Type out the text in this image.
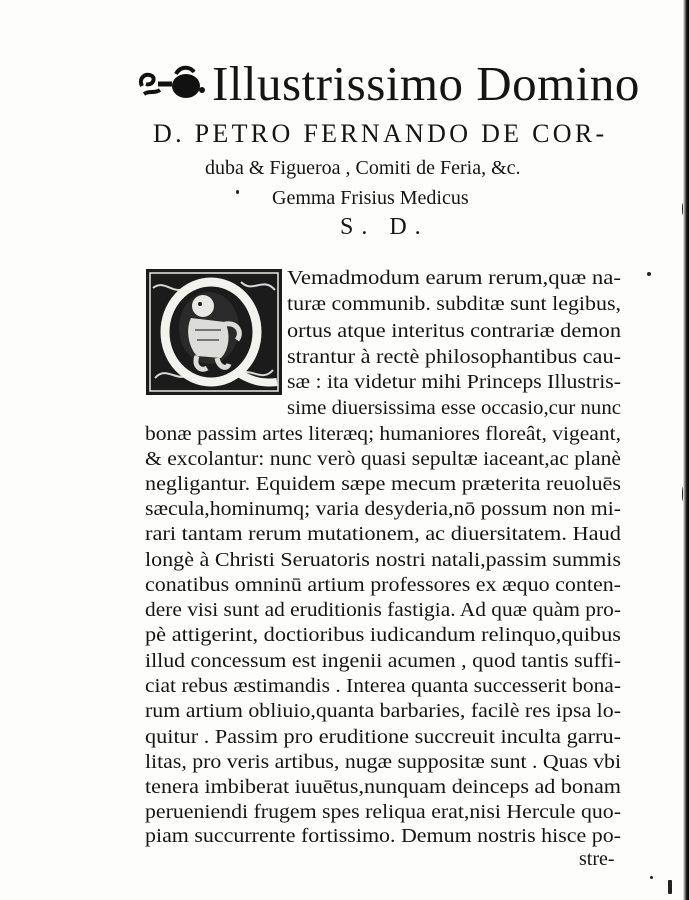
Illustrissimo Domino
D. PETRO FERNANDO DE COR-
duba & Figueroa , Comiti de Feria, &c.
Gemma Frisius Medicus
S. D.
Vemadmodum earum rerum,quæ na-
turæ communib. subditæ sunt legibus,
ortus atque interitus contrariæ demon
strantur à rectè philosophantibus cau-
sæ : ita videtur mihi Princeps Illustris-
sime diuersissima esse occasio,cur nunc
bonæ passim artes literæq; humaniores floreât, vigeant,
& excolantur: nunc verò quasi sepultæ iaceant,ac planè
negligantur. Equidem sæpe mecum præterita reuoluēs
sæcula,hominumq; varia desyderia,nō possum non mi-
rari tantam rerum mutationem, ac diuersitatem. Haud
longè à Christi Seruatoris nostri natali,passim summis
conatibus omninū artium professores ex æquo conten-
dere visi sunt ad eruditionis fastigia. Ad quæ quàm pro-
pè attigerint, doctioribus iudicandum relinquo,quibus
illud concessum est ingenii acumen , quod tantis suffi-
ciat rebus æstimandis . Interea quanta successerit bona-
rum artium obliuio,quanta barbaries, facilè res ipsa lo-
quitur . Passim pro eruditione succreuit inculta garru-
litas, pro veris artibus, nugæ suppositæ sunt . Quas vbi
tenera imbiberat iuuētus,nunquam deinceps ad bonam
perueniendi frugem spes reliqua erat,nisi Hercule quo-
piam succurrente fortissimo. Demum nostris hisce po-
stre-
